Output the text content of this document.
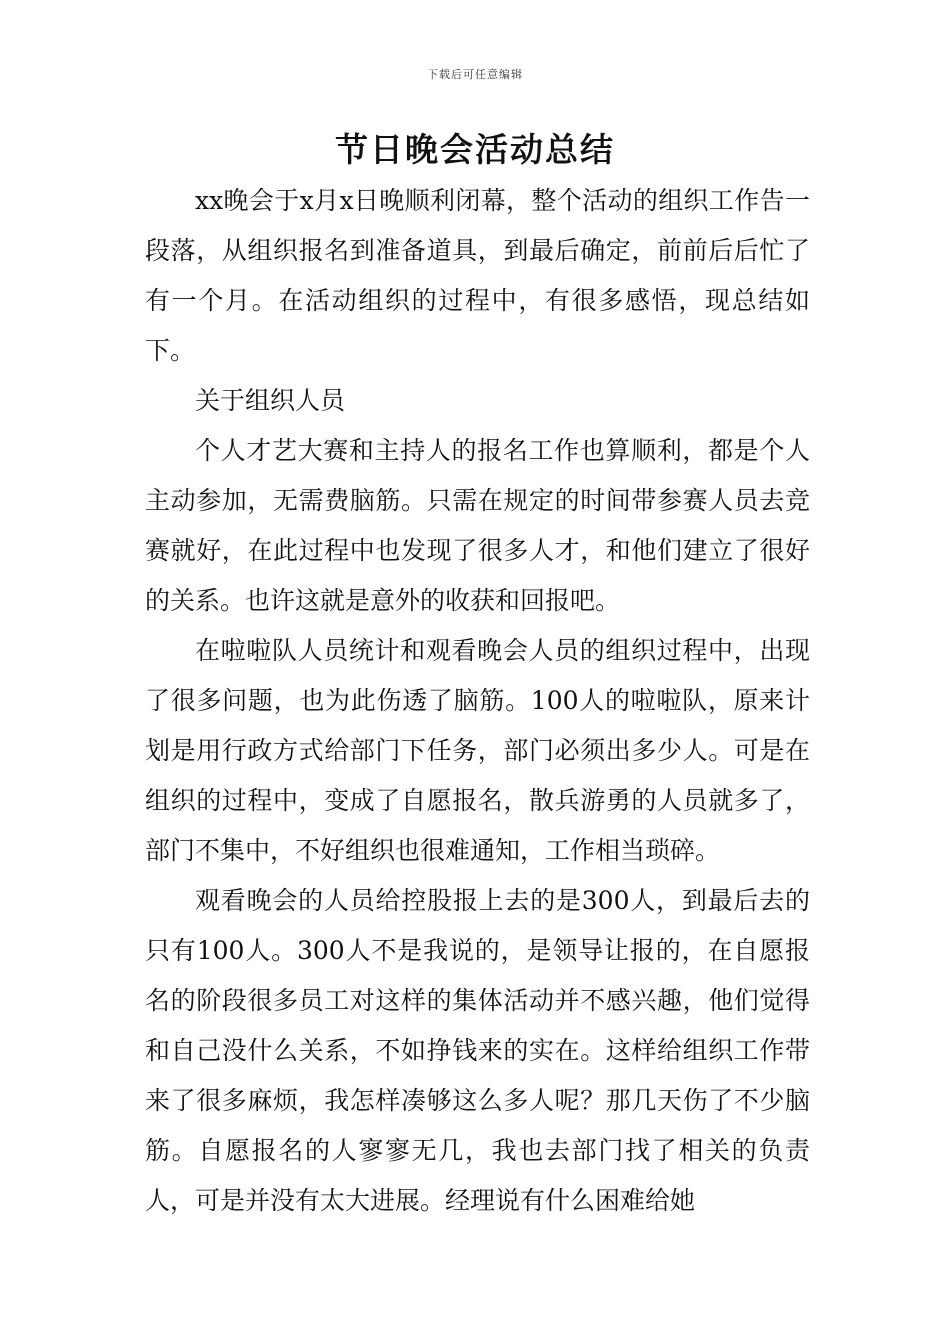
下载后可任意编辑
节日晚会活动总结

xx晚会于x月x日晚顺利闭幕，整个活动的组织工作告一段落，从组织报名到准备道具，到最后确定，前前后后忙了有一个月。在活动组织的过程中，有很多感悟，现总结如下。

关于组织人员

个人才艺大赛和主持人的报名工作也算顺利，都是个人主动参加，无需费脑筋。只需在规定的时间带参赛人员去竞赛就好，在此过程中也发现了很多人才，和他们建立了很好的关系。也许这就是意外的收获和回报吧。

在啦啦队人员统计和观看晚会人员的组织过程中，出现了很多问题，也为此伤透了脑筋。100人的啦啦队，原来计划是用行政方式给部门下任务，部门必须出多少人。可是在组织的过程中，变成了自愿报名，散兵游勇的人员就多了，部门不集中，不好组织也很难通知，工作相当琐碎。

观看晚会的人员给控股报上去的是300人，到最后去的只有100人。300人不是我说的，是领导让报的，在自愿报名的阶段很多员工对这样的集体活动并不感兴趣，他们觉得和自己没什么关系，不如挣钱来的实在。这样给组织工作带来了很多麻烦，我怎样凑够这么多人呢？那几天伤了不少脑筋。自愿报名的人寥寥无几，我也去部门找了相关的负责人，可是并没有太大进展。经理说有什么困难给她
